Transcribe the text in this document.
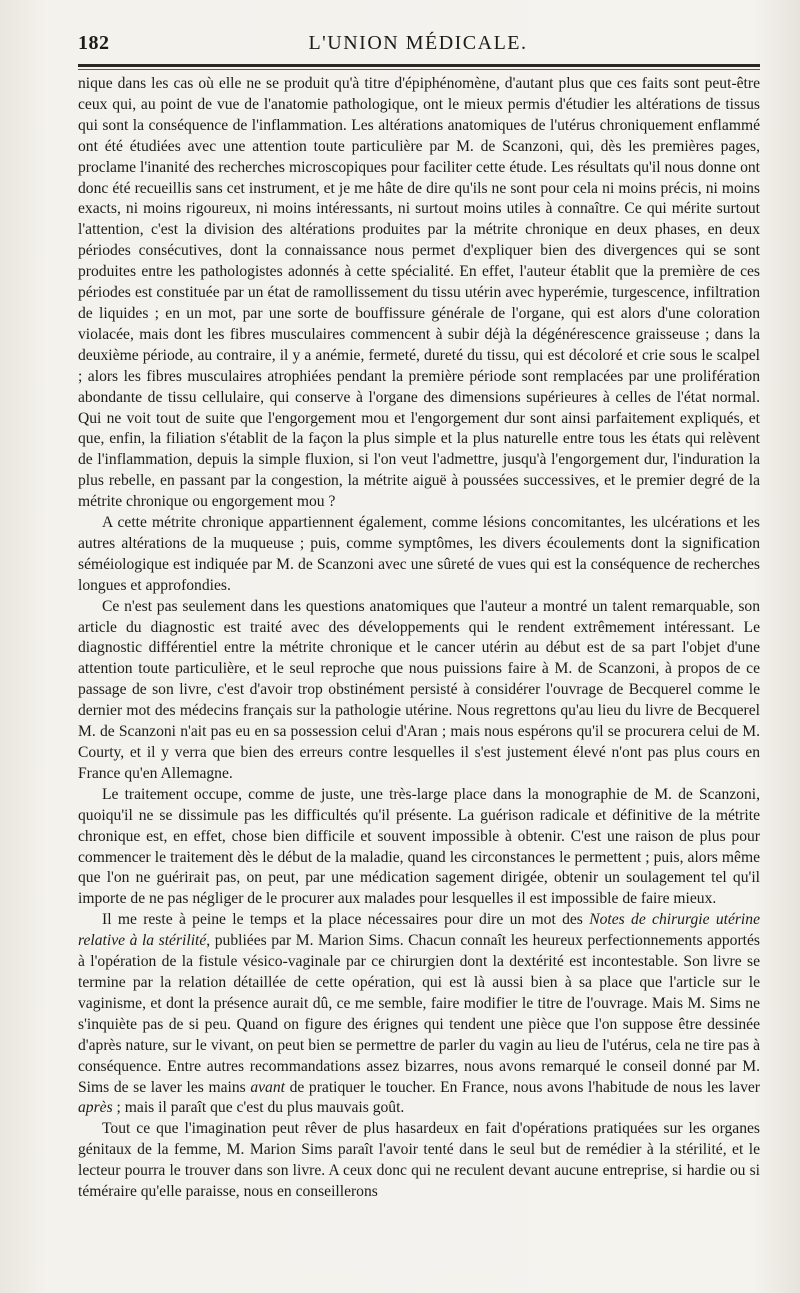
182	L'UNION MÉDICALE.

nique dans les cas où elle ne se produit qu'à titre d'épiphénomène, d'autant plus que ces faits sont peut-être ceux qui, au point de vue de l'anatomie pathologique, ont le mieux permis d'étudier les altérations de tissus qui sont la conséquence de l'inflammation. Les altérations anatomiques de l'utérus chroniquement enflammé ont été étudiées avec une attention toute particulière par M. de Scanzoni, qui, dès les premières pages, proclame l'inanité des recherches microscopiques pour faciliter cette étude. Les résultats qu'il nous donne ont donc été recueillis sans cet instrument, et je me hâte de dire qu'ils ne sont pour cela ni moins précis, ni moins exacts, ni moins rigoureux, ni moins intéressants, ni surtout moins utiles à connaître. Ce qui mérite surtout l'attention, c'est la division des altérations produites par la métrite chronique en deux phases, en deux périodes consécutives, dont la connaissance nous permet d'expliquer bien des divergences qui se sont produites entre les pathologistes adonnés à cette spécialité. En effet, l'auteur établit que la première de ces périodes est constituée par un état de ramollissement du tissu utérin avec hyperémie, turgescence, infiltration de liquides ; en un mot, par une sorte de bouffissure générale de l'organe, qui est alors d'une coloration violacée, mais dont les fibres musculaires commencent à subir déjà la dégénérescence graisseuse ; dans la deuxième période, au contraire, il y a anémie, fermeté, dureté du tissu, qui est décoloré et crie sous le scalpel ; alors les fibres musculaires atrophiées pendant la première période sont remplacées par une prolifération abondante de tissu cellulaire, qui conserve à l'organe des dimensions supérieures à celles de l'état normal. Qui ne voit tout de suite que l'engorgement mou et l'engorgement dur sont ainsi parfaitement expliqués, et que, enfin, la filiation s'établit de la façon la plus simple et la plus naturelle entre tous les états qui relèvent de l'inflammation, depuis la simple fluxion, si l'on veut l'admettre, jusqu'à l'engorgement dur, l'induration la plus rebelle, en passant par la congestion, la métrite aiguë à poussées successives, et le premier degré de la métrite chronique ou engorgement mou ?

A cette métrite chronique appartiennent également, comme lésions concomitantes, les ulcérations et les autres altérations de la muqueuse ; puis, comme symptômes, les divers écoulements dont la signification séméiologique est indiquée par M. de Scanzoni avec une sûreté de vues qui est la conséquence de recherches longues et approfondies.

Ce n'est pas seulement dans les questions anatomiques que l'auteur a montré un talent remarquable, son article du diagnostic est traité avec des développements qui le rendent extrêmement intéressant. Le diagnostic différentiel entre la métrite chronique et le cancer utérin au début est de sa part l'objet d'une attention toute particulière, et le seul reproche que nous puissions faire à M. de Scanzoni, à propos de ce passage de son livre, c'est d'avoir trop obstinément persisté à considérer l'ouvrage de Becquerel comme le dernier mot des médecins français sur la pathologie utérine. Nous regrettons qu'au lieu du livre de Becquerel M. de Scanzoni n'ait pas eu en sa possession celui d'Aran ; mais nous espérons qu'il se procurera celui de M. Courty, et il y verra que bien des erreurs contre lesquelles il s'est justement élevé n'ont pas plus cours en France qu'en Allemagne.

Le traitement occupe, comme de juste, une très-large place dans la monographie de M. de Scanzoni, quoiqu'il ne se dissimule pas les difficultés qu'il présente. La guérison radicale et définitive de la métrite chronique est, en effet, chose bien difficile et souvent impossible à obtenir. C'est une raison de plus pour commencer le traitement dès le début de la maladie, quand les circonstances le permettent ; puis, alors même que l'on ne guérirait pas, on peut, par une médication sagement dirigée, obtenir un soulagement tel qu'il importe de ne pas négliger de le procurer aux malades pour lesquelles il est impossible de faire mieux.

Il me reste à peine le temps et la place nécessaires pour dire un mot des Notes de chirurgie utérine relative à la stérilité, publiées par M. Marion Sims. Chacun connaît les heureux perfectionnements apportés à l'opération de la fistule vésico-vaginale par ce chirurgien dont la dextérité est incontestable. Son livre se termine par la relation détaillée de cette opération, qui est là aussi bien à sa place que l'article sur le vaginisme, et dont la présence aurait dû, ce me semble, faire modifier le titre de l'ouvrage. Mais M. Sims ne s'inquiète pas de si peu. Quand on figure des érignes qui tendent une pièce que l'on suppose être dessinée d'après nature, sur le vivant, on peut bien se permettre de parler du vagin au lieu de l'utérus, cela ne tire pas à conséquence. Entre autres recommandations assez bizarres, nous avons remarqué le conseil donné par M. Sims de se laver les mains avant de pratiquer le toucher. En France, nous avons l'habitude de nous les laver après ; mais il paraît que c'est du plus mauvais goût.

Tout ce que l'imagination peut rêver de plus hasardeux en fait d'opérations pratiquées sur les organes génitaux de la femme, M. Marion Sims paraît l'avoir tenté dans le seul but de remédier à la stérilité, et le lecteur pourra le trouver dans son livre. A ceux donc qui ne reculent devant aucune entreprise, si hardie ou si téméraire qu'elle paraisse, nous en conseillerons
